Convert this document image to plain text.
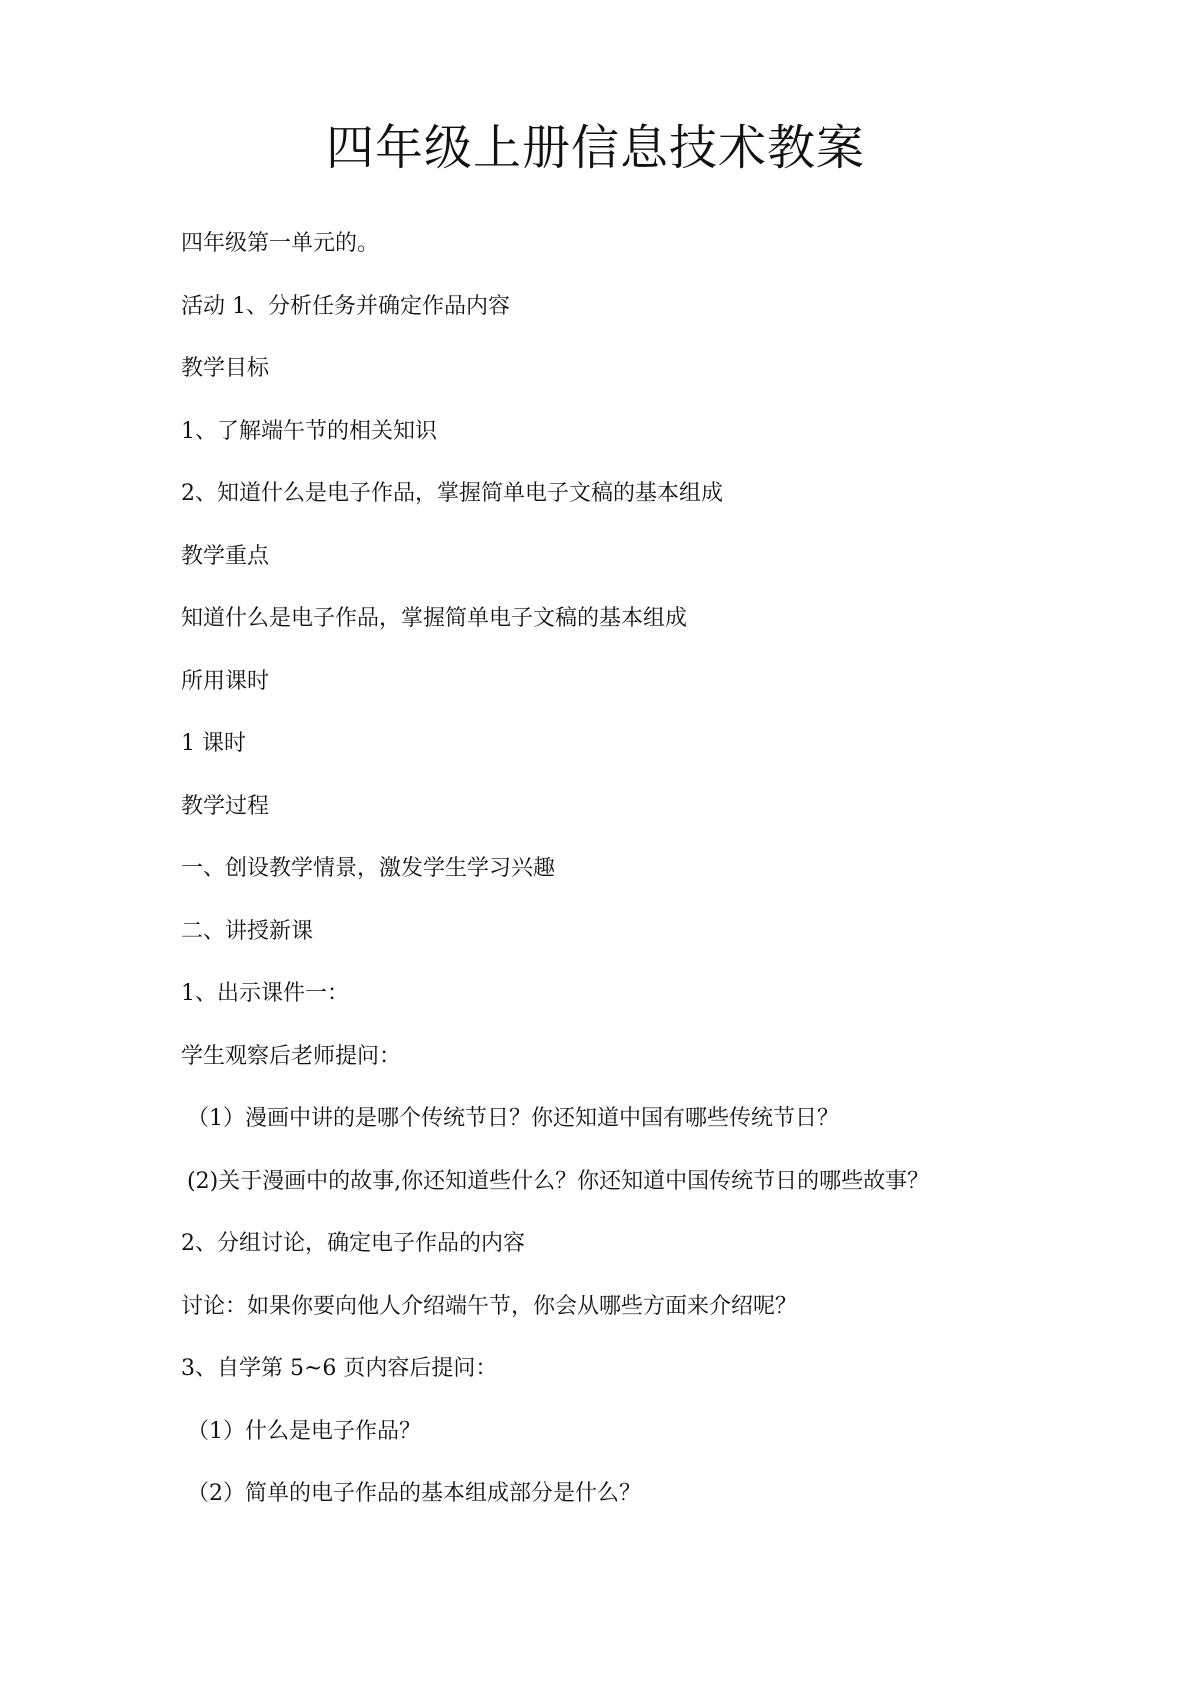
四年级上册信息技术教案
四年级第一单元的。
活动 1、分析任务并确定作品内容
教学目标
1、了解端午节的相关知识
2、知道什么是电子作品，掌握简单电子文稿的基本组成
教学重点
知道什么是电子作品，掌握简单电子文稿的基本组成
所用课时
1 课时
教学过程
一、创设教学情景，激发学生学习兴趣
二、讲授新课
1、出示课件一：
学生观察后老师提问：
（1）漫画中讲的是哪个传统节日？你还知道中国有哪些传统节日？
(2)关于漫画中的故事,你还知道些什么？你还知道中国传统节日的哪些故事？
2、分组讨论，确定电子作品的内容
讨论：如果你要向他人介绍端午节，你会从哪些方面来介绍呢？
3、自学第 5~6 页内容后提问：
（1）什么是电子作品？
（2）简单的电子作品的基本组成部分是什么？
